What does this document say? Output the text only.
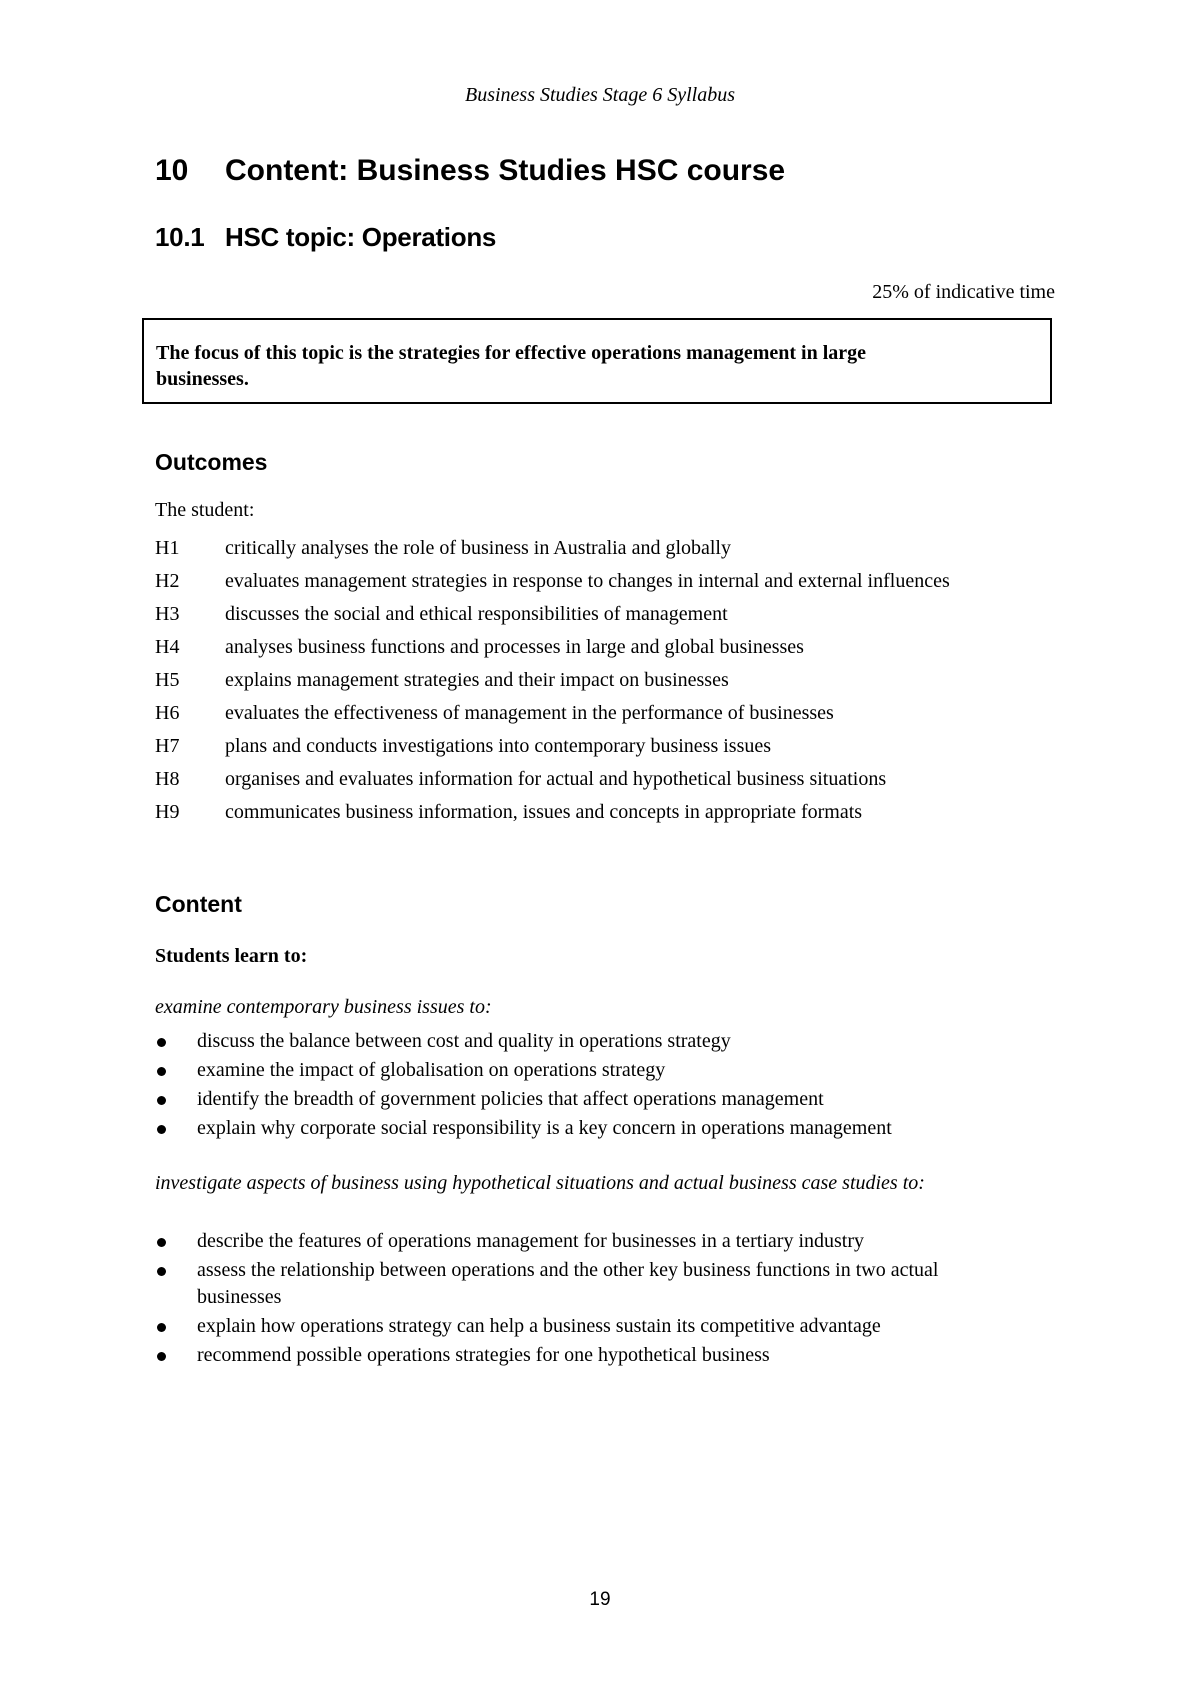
Business Studies Stage 6 Syllabus
10 Content: Business Studies HSC course
10.1 HSC topic: Operations
25% of indicative time
The focus of this topic is the strategies for effective operations management in large businesses.
Outcomes
The student:
H1	critically analyses the role of business in Australia and globally
H2	evaluates management strategies in response to changes in internal and external influences
H3	discusses the social and ethical responsibilities of management
H4	analyses business functions and processes in large and global businesses
H5	explains management strategies and their impact on businesses
H6	evaluates the effectiveness of management in the performance of businesses
H7	plans and conducts investigations into contemporary business issues
H8	organises and evaluates information for actual and hypothetical business situations
H9	communicates business information, issues and concepts in appropriate formats
Content
Students learn to:
examine contemporary business issues to:
discuss the balance between cost and quality in operations strategy
examine the impact of globalisation on operations strategy
identify the breadth of government policies that affect operations management
explain why corporate social responsibility is a key concern in operations management
investigate aspects of business using hypothetical situations and actual business case studies to:
describe the features of operations management for businesses in a tertiary industry
assess the relationship between operations and the other key business functions in two actual businesses
explain how operations strategy can help a business sustain its competitive advantage
recommend possible operations strategies for one hypothetical business
19
